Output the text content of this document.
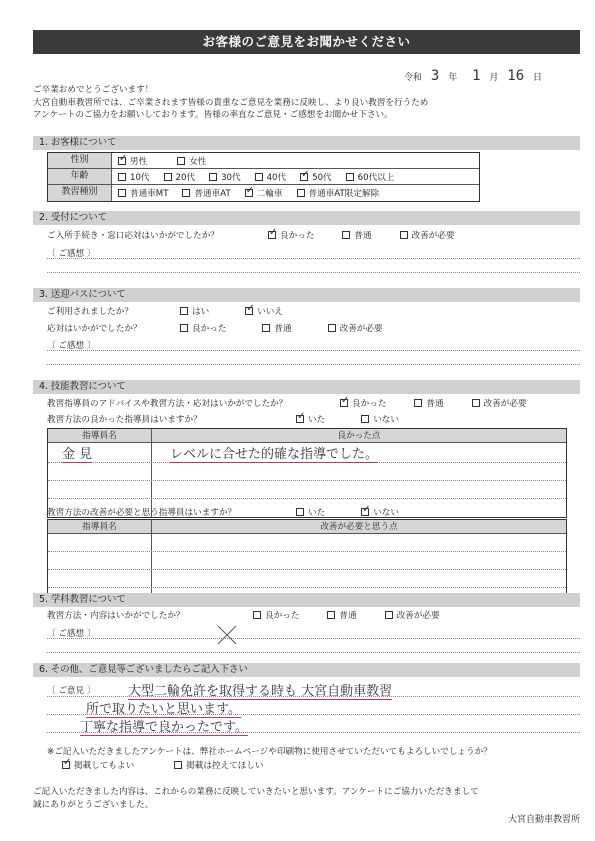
お客様のご意見をお聞かせください
令和 3 年 1 月 16 日
ご卒業おめでとうございます！
大宮自動車教習所では、ご卒業されます皆様の貴重なご意見を業務に反映し、より良い教習を行うため
アンケートのご協力をお願いしております。皆様の率直なご意見・ご感想をお聞かせ下さい。
1. お客様について
性別 ✓	男性	女性
年齢	10代	20代	30代	40代 ✓	50代	60代以上
教習種別	普通車MT	普通車AT ✓	二輪車	普通車AT限定解除
2. 受付について
ご入所手続き・窓口応対はいかがでしたか？ ✓	良かった	普通	改善が必要
〔 ご感想 〕
3. 送迎バスについて
ご利用されましたか？	はい ✓	いいえ
応対はいかがでしたか？	良かった	普通	改善が必要
〔 ご感想 〕
4. 技能教習について
教習指導員のアドバイスや教習方法・応対はいかがでしたか？ ✓	良かった	普通	改善が必要
教習方法の良かった指導員はいますか？ ✓	いた	いない
指導員名	良かった点
金 見	レベルに合せた的確な指導でした。
教習方法の改善が必要と思う指導員はいますか？	いた ✓	いない
指導員名	改善が必要と思う点
5. 学科教習について
教習方法・内容はいかがでしたか？	良かった	普通	改善が必要
〔 ご感想 〕
6. その他、ご意見等ございましたらご記入下さい
〔 ご意見 〕	大型二輪免許を取得する時も 大宮自動車教習
所で取りたいと思います。
丁寧な指導で良かったです。
※ご記入いただきましたアンケートは、弊社ホームページや印刷物に使用させていただいてもよろしいでしょうか？
✓
掲載してもよい	掲載は控えてほしい
ご記入いただきました内容は、これからの業務に反映していきたいと思います。アンケートにご協力いただきまして
誠にありがとうございました。
大宮自動車教習所
